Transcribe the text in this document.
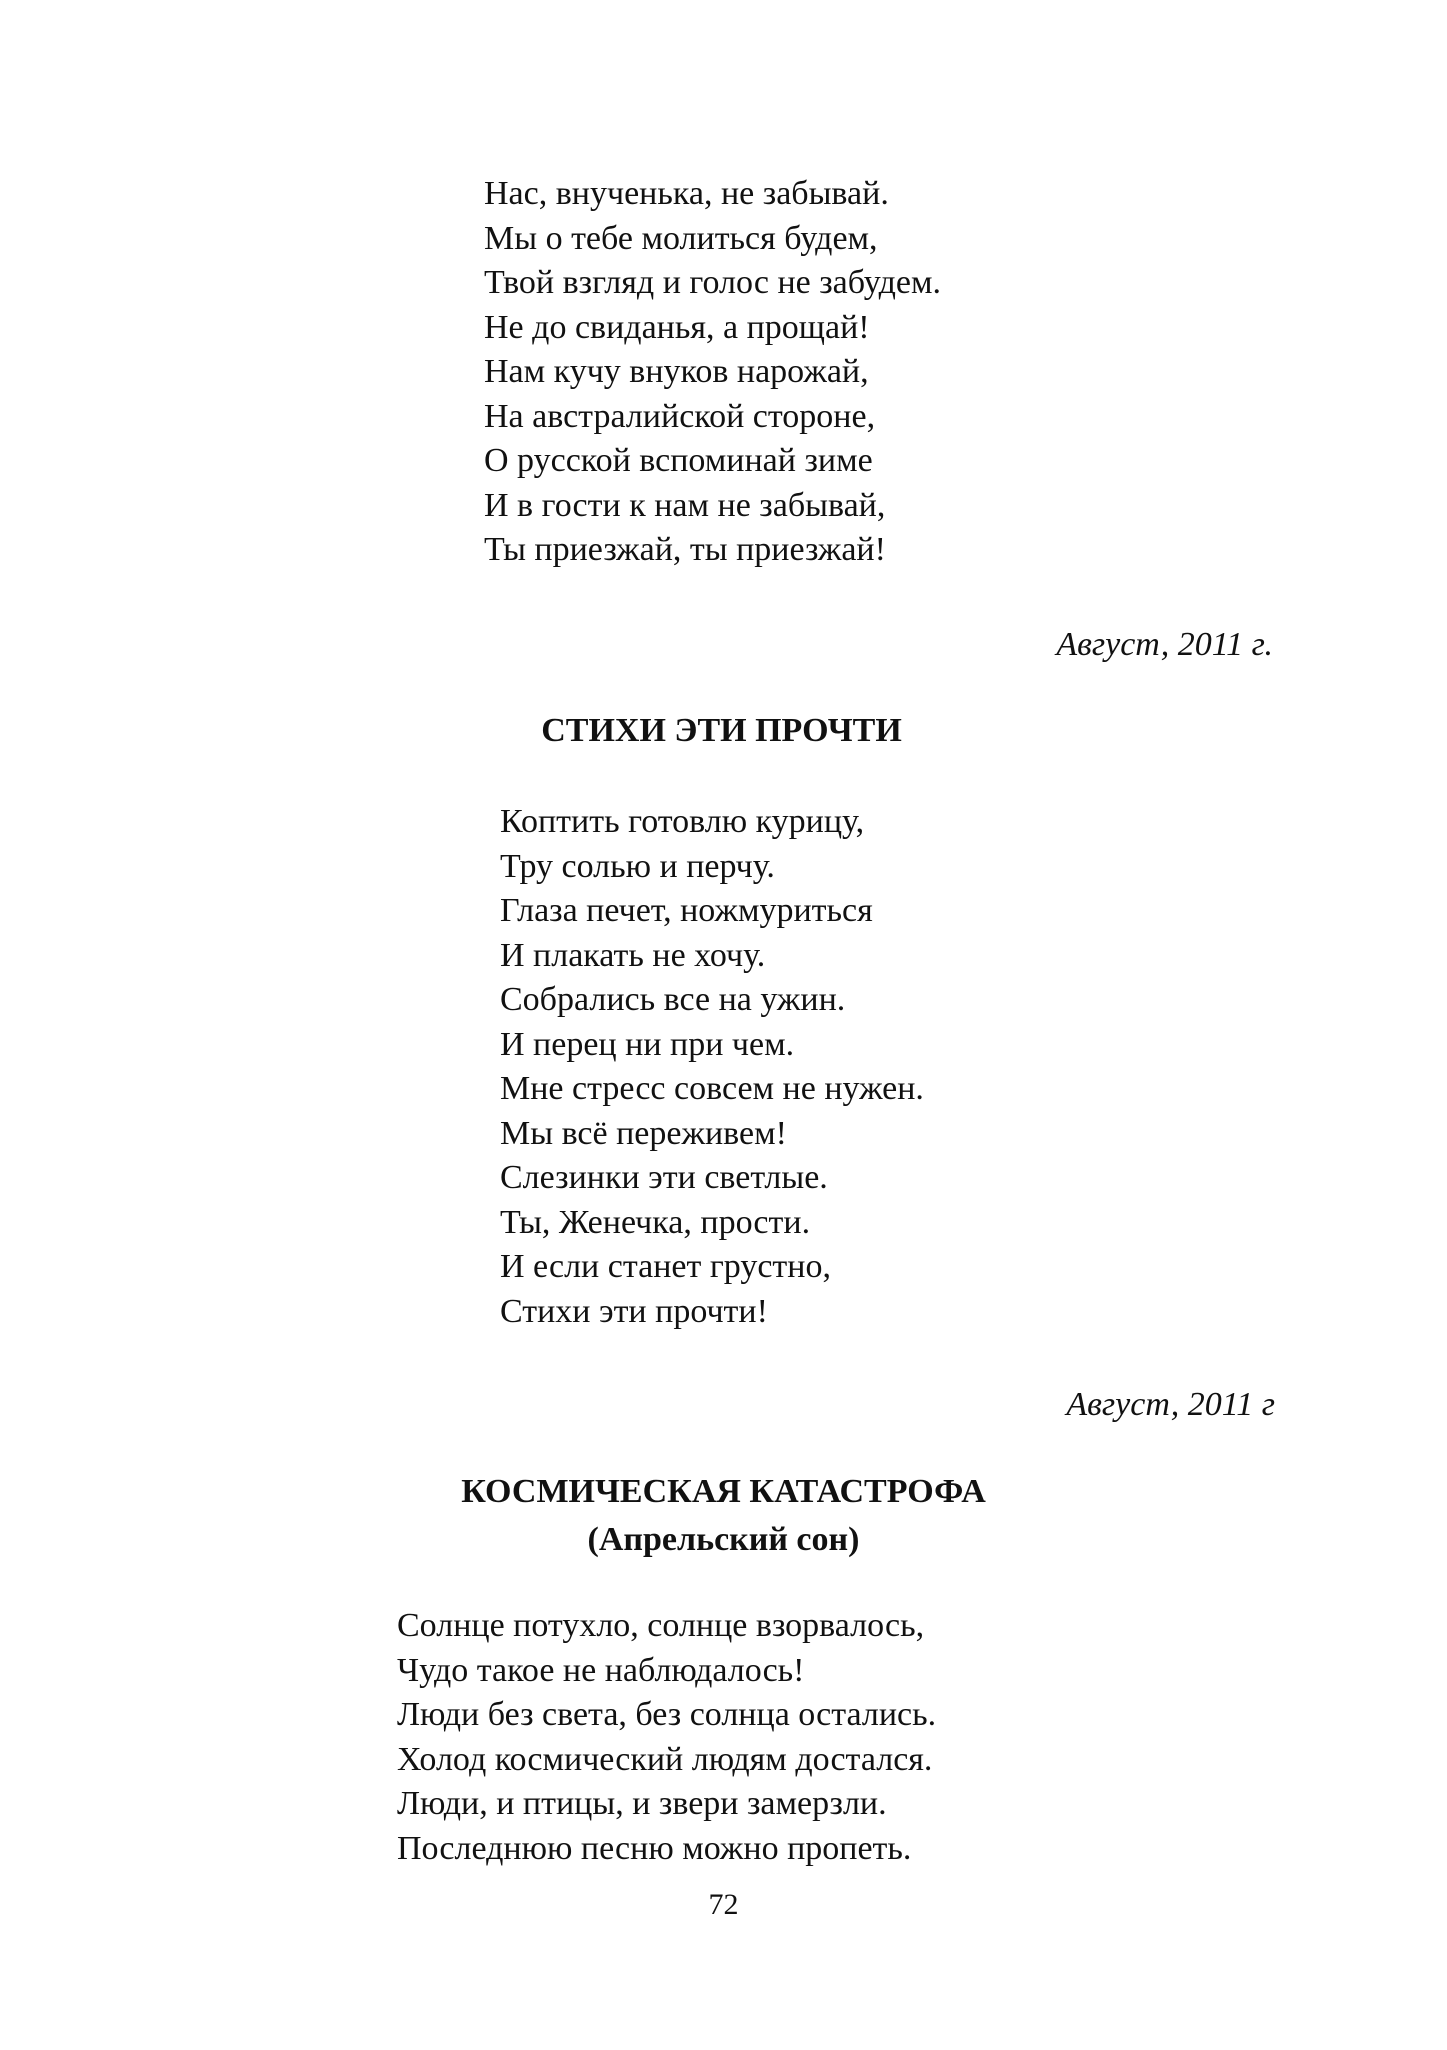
Нас, внученька, не забывай.
Мы о тебе молиться будем,
Твой взгляд и голос не забудем.
Не до свиданья, а прощай!
Нам кучу внуков нарожай,
На австралийской стороне,
О русской вспоминай зиме
И в гости к нам не забывай,
Ты приезжай, ты приезжай!
Август, 2011 г.
СТИХИ ЭТИ ПРОЧТИ
Коптить готовлю курицу,
Тру солью и перчу.
Глаза печет, ножмуриться
И плакать не хочу.
Собрались все на ужин.
И перец ни при чем.
Мне стресс совсем не нужен.
Мы всё переживем!
Слезинки эти светлые.
Ты, Женечка, прости.
И если станет грустно,
Стихи эти прочти!
Август, 2011 г
КОСМИЧЕСКАЯ КАТАСТРОФА
(Апрельский сон)
Солнце потухло, солнце взорвалось,
Чудо такое не наблюдалось!
Люди без света, без солнца остались.
Холод космический людям достался.
Люди, и птицы, и звери замерзли.
Последнюю песню можно пропеть.
72
